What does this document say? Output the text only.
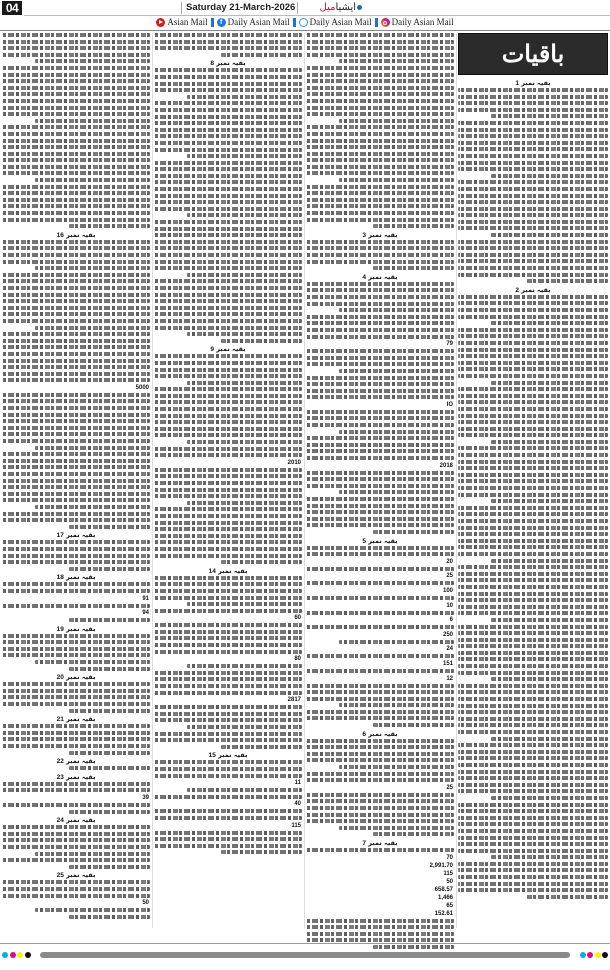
04	Saturday 21-March-2026	ایشیامیل
Asian Mail	f Daily Asian Mail Daily Asian Mail Daily Asian Mail
بقیہ نمبر 16
5000
بقیہ نمبر 17
بقیہ نمبر 18
91
94
بقیہ نمبر 19
بقیہ نمبر 20
بقیہ نمبر 21
بقیہ نمبر 22
بقیہ نمبر 23
39
بقیہ نمبر 24
بقیہ نمبر 25
50
بقیہ نمبر 8
بقیہ نمبر 9
2010
بقیہ نمبر 14
60
80
2817
بقیہ نمبر 15
11
40
115
بقیہ نمبر 3
بقیہ نمبر 4
79
IO
2018
بقیہ نمبر 5
20
25
100
10
6
250
24
151
12
بقیہ نمبر 6
25
بقیہ نمبر 7
70
2,991.70
115
50
658.57
1,466
65
152.61
باقیات
بقیہ نمبر 1
بقیہ نمبر 2
